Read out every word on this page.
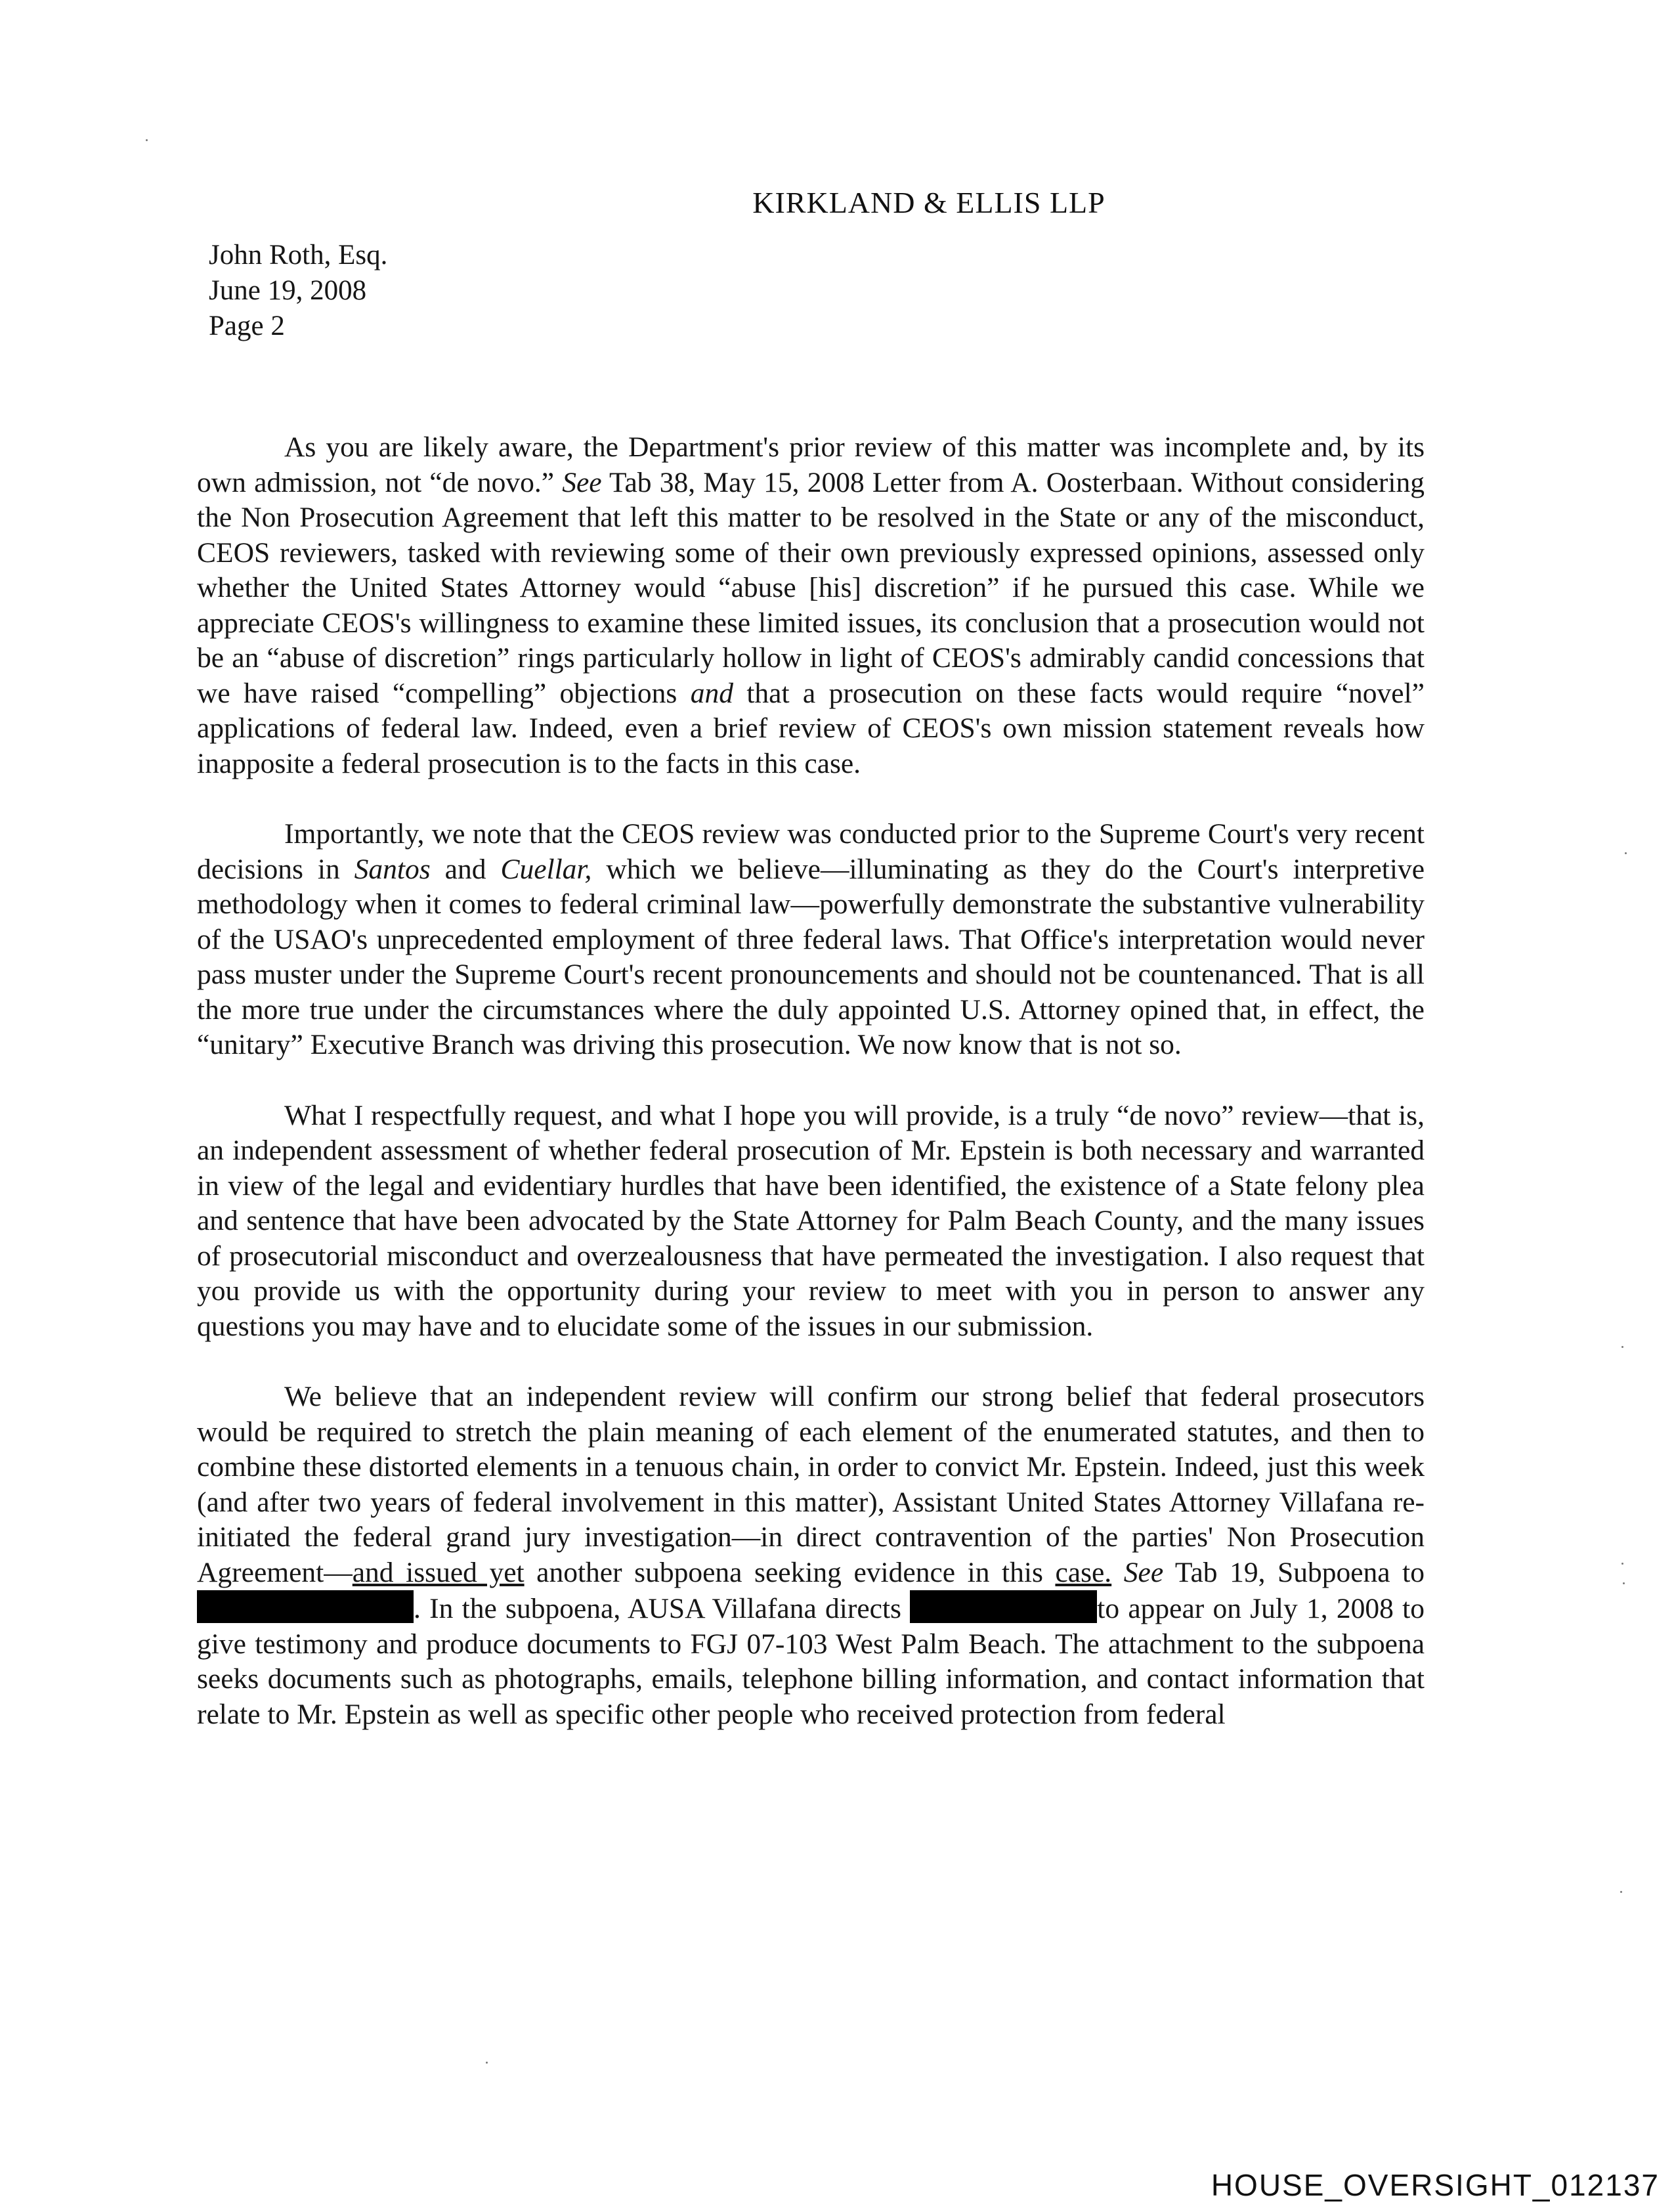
KIRKLAND & ELLIS LLP
John Roth, Esq.
June 19, 2008
Page 2

As you are likely aware, the Department's prior review of this matter was incomplete and, by its own admission, not “de novo.” See Tab 38, May 15, 2008 Letter from A. Oosterbaan. Without considering the Non Prosecution Agreement that left this matter to be resolved in the State or any of the misconduct, CEOS reviewers, tasked with reviewing some of their own previously expressed opinions, assessed only whether the United States Attorney would “abuse [his] discretion” if he pursued this case. While we appreciate CEOS's willingness to examine these limited issues, its conclusion that a prosecution would not be an “abuse of discretion” rings particularly hollow in light of CEOS's admirably candid concessions that we have raised “compelling” objections and that a prosecution on these facts would require “novel” applications of federal law. Indeed, even a brief review of CEOS's own mission statement reveals how inapposite a federal prosecution is to the facts in this case.

Importantly, we note that the CEOS review was conducted prior to the Supreme Court's very recent decisions in Santos and Cuellar, which we believe—illuminating as they do the Court's interpretive methodology when it comes to federal criminal law—powerfully demonstrate the substantive vulnerability of the USAO's unprecedented employment of three federal laws. That Office's interpretation would never pass muster under the Supreme Court's recent pronouncements and should not be countenanced. That is all the more true under the circumstances where the duly appointed U.S. Attorney opined that, in effect, the “unitary” Executive Branch was driving this prosecution. We now know that is not so.

What I respectfully request, and what I hope you will provide, is a truly “de novo” review—that is, an independent assessment of whether federal prosecution of Mr. Epstein is both necessary and warranted in view of the legal and evidentiary hurdles that have been identified, the existence of a State felony plea and sentence that have been advocated by the State Attorney for Palm Beach County, and the many issues of prosecutorial misconduct and overzealousness that have permeated the investigation. I also request that you provide us with the opportunity during your review to meet with you in person to answer any questions you may have and to elucidate some of the issues in our submission.

We believe that an independent review will confirm our strong belief that federal prosecutors would be required to stretch the plain meaning of each element of the enumerated statutes, and then to combine these distorted elements in a tenuous chain, in order to convict Mr. Epstein. Indeed, just this week (and after two years of federal involvement in this matter), Assistant United States Attorney Villafana re-initiated the federal grand jury investigation—in direct contravention of the parties' Non Prosecution Agreement—and issued yet another subpoena seeking evidence in this case. See Tab 19, Subpoena to . In the subpoena, AUSA Villafana directs	to appear on July 1, 2008 to give testimony and produce documents to FGJ 07-103 West Palm Beach. The attachment to the subpoena seeks documents such as photographs, emails, telephone billing information, and contact information that relate to Mr. Epstein as well as specific other people who received protection from federal

HOUSE_OVERSIGHT_012137
